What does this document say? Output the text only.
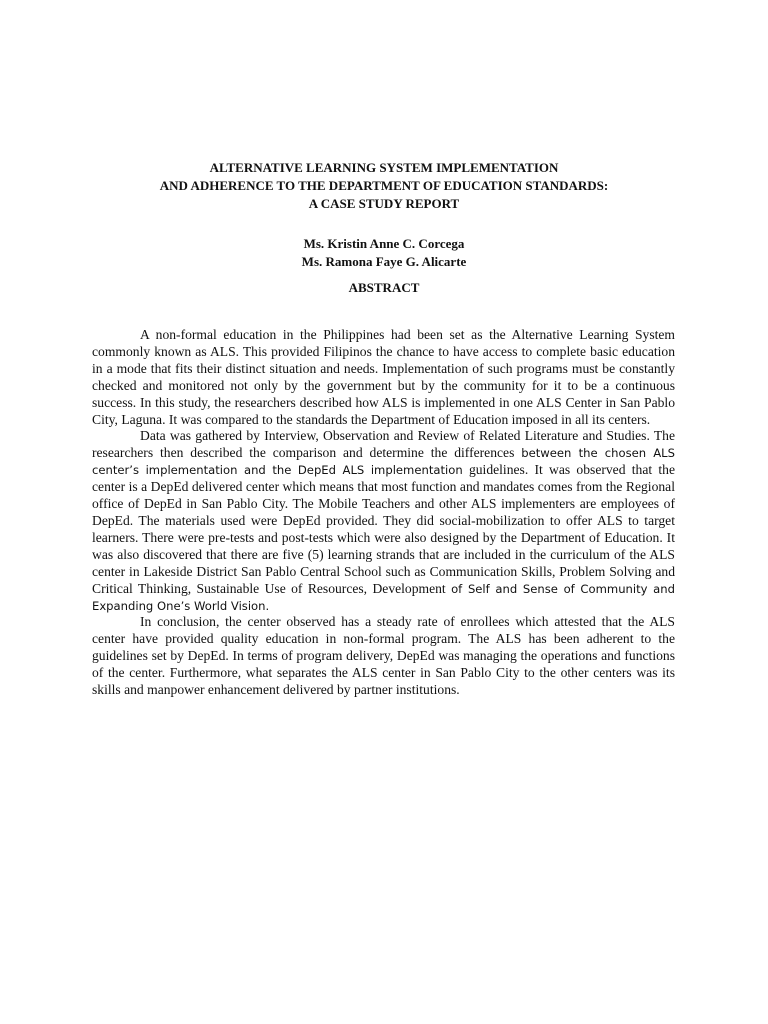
ALTERNATIVE LEARNING SYSTEM IMPLEMENTATION
AND ADHERENCE TO THE DEPARTMENT OF EDUCATION STANDARDS:
A CASE STUDY REPORT
Ms. Kristin Anne C. Corcega
Ms. Ramona Faye G. Alicarte
ABSTRACT

A non-formal education in the Philippines had been set as the Alternative Learning System commonly known as ALS. This provided Filipinos the chance to have access to complete basic education in a mode that fits their distinct situation and needs. Implementation of such programs must be constantly checked and monitored not only by the government but by the community for it to be a continuous success. In this study, the researchers described how ALS is implemented in one ALS Center in San Pablo City, Laguna. It was compared to the standards the Department of Education imposed in all its centers.

Data was gathered by Interview, Observation and Review of Related Literature and Studies. The researchers then described the comparison and determine the differences between the chosen ALS center’s implementation and the DepEd ALS implementation guidelines. It was observed that the center is a DepEd delivered center which means that most function and mandates comes from the Regional office of DepEd in San Pablo City. The Mobile Teachers and other ALS implementers are employees of DepEd. The materials used were DepEd provided. They did social-mobilization to offer ALS to target learners. There were pre-tests and post-tests which were also designed by the Department of Education. It was also discovered that there are five (5) learning strands that are included in the curriculum of the ALS center in Lakeside District San Pablo Central School such as Communication Skills, Problem Solving and Critical Thinking, Sustainable Use of Resources, Development of Self and Sense of Community and Expanding One’s World Vision.

In conclusion, the center observed has a steady rate of enrollees which attested that the ALS center have provided quality education in non-formal program. The ALS has been adherent to the guidelines set by DepEd. In terms of program delivery, DepEd was managing the operations and functions of the center. Furthermore, what separates the ALS center in San Pablo City to the other centers was its skills and manpower enhancement delivered by partner institutions.
